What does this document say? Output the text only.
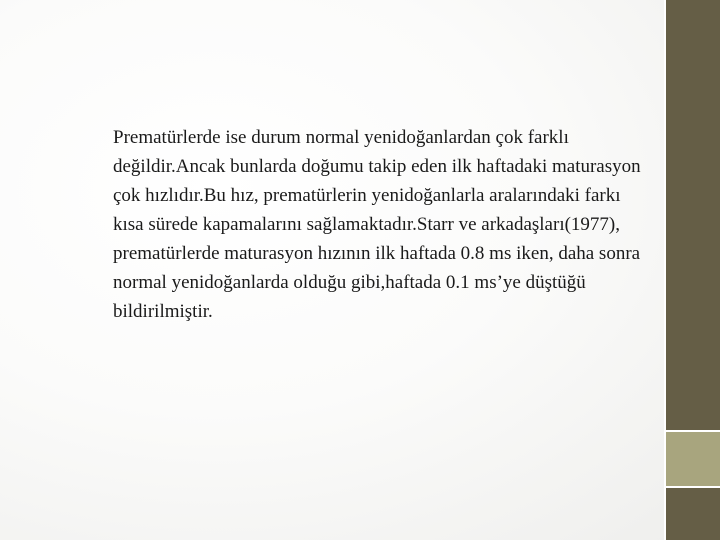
Prematürlerde ise durum normal yenidoğanlardan çok farklı değildir.Ancak bunlarda doğumu takip eden ilk haftadaki maturasyon çok hızlıdır.Bu hız, prematürlerin yenidoğanlarla aralarındaki farkı kısa sürede kapamalarını sağlamaktadır.Starr ve arkadaşları(1977), prematürlerde maturasyon hızının ilk haftada 0.8 ms iken, daha sonra normal yenidoğanlarda olduğu gibi,haftada 0.1 ms’ye düştüğü bildirilmiştir.
